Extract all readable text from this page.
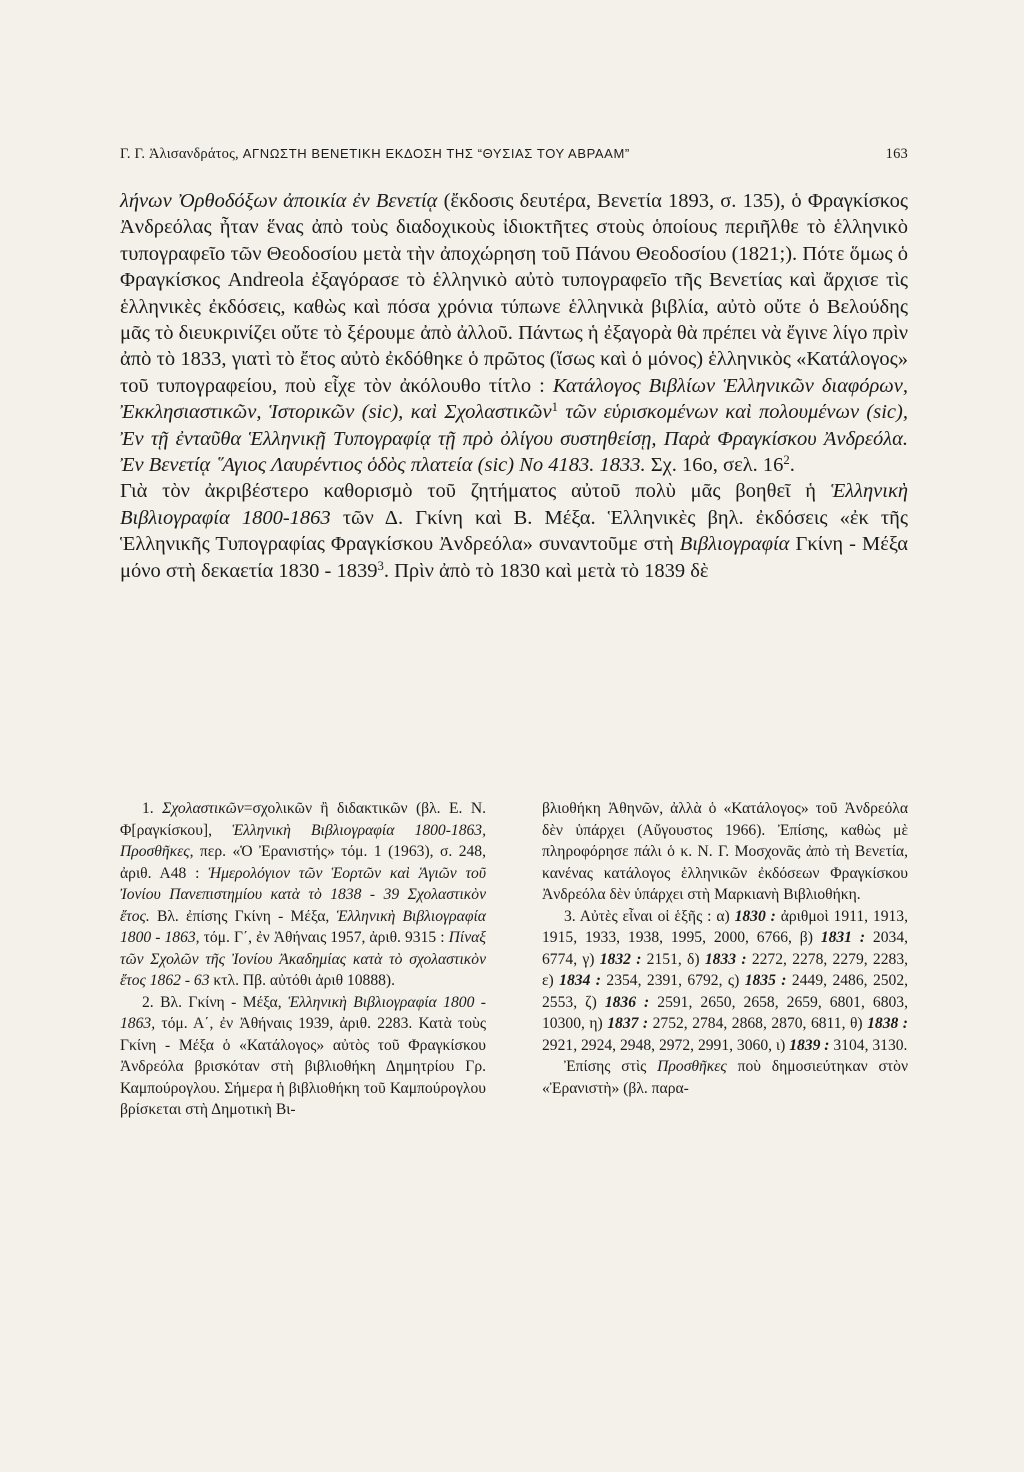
Γ. Γ. Ἀλισανδράτος, ΑΓΝΩΣΤΗ ΒΕΝΕΤΙΚΗ ΕΚΔΟΣΗ ΤΗΣ “ΘΥΣΙΑΣ ΤΟΥ ΑΒΡΑΑΜ”	163

λήνων Ὀρθοδόξων ἀποικία ἐν Βενετίᾳ (ἔκδοσις δευτέρα, Βενετία 1893, σ. 135), ὁ Φραγκίσκος Ἀνδρεόλας ἦταν ἕνας ἀπὸ τοὺς διαδοχικοὺς ἰδιοκτῆτες στοὺς ὁποίους περιῆλθε τὸ ἑλληνικὸ τυπογραφεῖο τῶν Θεοδοσίου μετὰ τὴν ἀποχώρηση τοῦ Πάνου Θεοδοσίου (1821;). Πότε ὅμως ὁ Φραγκίσκος Andreola ἐξαγόρασε τὸ ἑλληνικὸ αὐτὸ τυπογραφεῖο τῆς Βενετίας καὶ ἄρχισε τὶς ἑλληνικὲς ἐκδόσεις, καθὼς καὶ πόσα χρόνια τύπωνε ἑλληνικὰ βιβλία, αὐτὸ οὔτε ὁ Βελούδης μᾶς τὸ διευκρινίζει οὔτε τὸ ξέρουμε ἀπὸ ἀλλοῦ. Πάντως ἡ ἐξαγορὰ θὰ πρέπει νὰ ἔγινε λίγο πρὶν ἀπὸ τὸ 1833, γιατὶ τὸ ἔτος αὐτὸ ἐκδόθηκε ὁ πρῶτος (ἴσως καὶ ὁ μόνος) ἑλληνικὸς «Κατάλογος» τοῦ τυπογραφείου, ποὺ εἶχε τὸν ἀκόλουθο τίτλο : Κατάλογος Βιβλίων Ἑλληνικῶν διαφόρων, Ἐκκλησιαστικῶν, Ἱστορικῶν (sic), καὶ Σχολαστικῶν$^1$ τῶν εὑρισκομένων καὶ πολουμένων (sic), Ἐν τῇ ἐνταῦθα Ἑλληνικῇ Τυπογραφίᾳ τῇ πρὸ ὀλίγου συστηθείσῃ, Παρὰ Φραγκίσκου Ἀνδρεόλα. Ἐν Βενετίᾳ ῞Αγιος Λαυρέντιος ὁδὸς πλατεία (sic) Νο 4183. 1833. Σχ. 16ο, σελ. $16^2$.

Γιὰ τὸν ἀκριβέστερο καθορισμὸ τοῦ ζητήματος αὐτοῦ πολὺ μᾶς βοηθεῖ ἡ Ἑλληνικὴ Βιβλιογραφία 1800-1863 τῶν Δ. Γκίνη καὶ Β. Μέξα. Ἑλληνικὲς βηλ. ἐκδόσεις «ἐκ τῆς Ἑλληνικῆς Τυπογραφίας Φραγκίσκου Ἀνδρεόλα» συναντοῦμε στὴ Βιβλιογραφία Γκίνη - Μέξα μόνο στὴ δεκαετία 1830 - 1839$^3$. Πρὶν ἀπὸ τὸ 1830 καὶ μετὰ τὸ 1839 δὲ

1. Σχολαστικῶν=σχολικῶν ἢ διδακτικῶν (βλ. Ε. Ν. Φ[ραγκίσκου], Ἑλληνικὴ Βιβλιογραφία 1800-1863, Προσθῆκες, περ. «Ὁ Ἐρανιστής» τόμ. 1 (1963), σ. 248, ἀριθ. Α48 : Ἡμερολόγιον τῶν Ἑορτῶν καὶ Ἁγιῶν τοῦ Ἰονίου Πανεπιστημίου κατὰ τὸ 1838 - 39 Σχολαστικὸν ἔτος. Βλ. ἐπίσης Γκίνη - Μέξα, Ἑλληνικὴ Βιβλιογραφία 1800 - 1863, τόμ. Γ΄, ἐν Ἀθήναις 1957, ἀριθ. 9315 : Πίναξ τῶν Σχολῶν τῆς Ἰονίου Ἀκαδημίας κατὰ τὸ σχολαστικὸν ἔτος 1862 - 63 κτλ. Πβ. αὐτόθι ἀριθ 10888).

2. Βλ. Γκίνη - Μέξα, Ἑλληνικὴ Βιβλιογραφία 1800 - 1863, τόμ. Α΄, ἐν Ἀθήναις 1939, ἀριθ. 2283. Κατὰ τοὺς Γκίνη - Μέξα ὁ «Κατάλογος» αὐτὸς τοῦ Φραγκίσκου Ἀνδρεόλα βρισκόταν στὴ βιβλιοθήκη Δημητρίου Γρ. Καμπούρογλου. Σήμερα ἡ βιβλιοθήκη τοῦ Καμπούρογλου βρίσκεται στὴ Δημοτικὴ Βι-

βλιοθήκη Ἀθηνῶν, ἀλλὰ ὁ «Κατάλογος» τοῦ Ἀνδρεόλα δὲν ὑπάρχει (Αὔγουστος 1966). Ἐπίσης, καθὼς μὲ πληροφόρησε πάλι ὁ κ. Ν. Γ. Μοσχονᾶς ἀπὸ τὴ Βενετία, κανένας κατάλογος ἑλληνικῶν ἐκδόσεων Φραγκίσκου Ἀνδρεόλα δὲν ὑπάρχει στὴ Μαρκιανὴ Βιβλιοθήκη.

3. Αὐτὲς εἶναι οἱ ἑξῆς : α) 1830 : ἀριθμοὶ 1911, 1913, 1915, 1933, 1938, 1995, 2000, 6766, β) 1831 : 2034, 6774, γ) 1832 : 2151, δ) 1833 : 2272, 2278, 2279, 2283, ε) 1834 : 2354, 2391, 6792, ς) 1835 : 2449, 2486, 2502, 2553, ζ) 1836 : 2591, 2650, 2658, 2659, 6801, 6803, 10300, η) 1837 : 2752, 2784, 2868, 2870, 6811, θ) 1838 : 2921, 2924, 2948, 2972, 2991, 3060, ι) 1839 : 3104, 3130.

Ἐπίσης στὶς Προσθῆκες ποὺ δημοσιεύτηκαν στὸν «Ἐρανιστὴ» (βλ. παρα-
